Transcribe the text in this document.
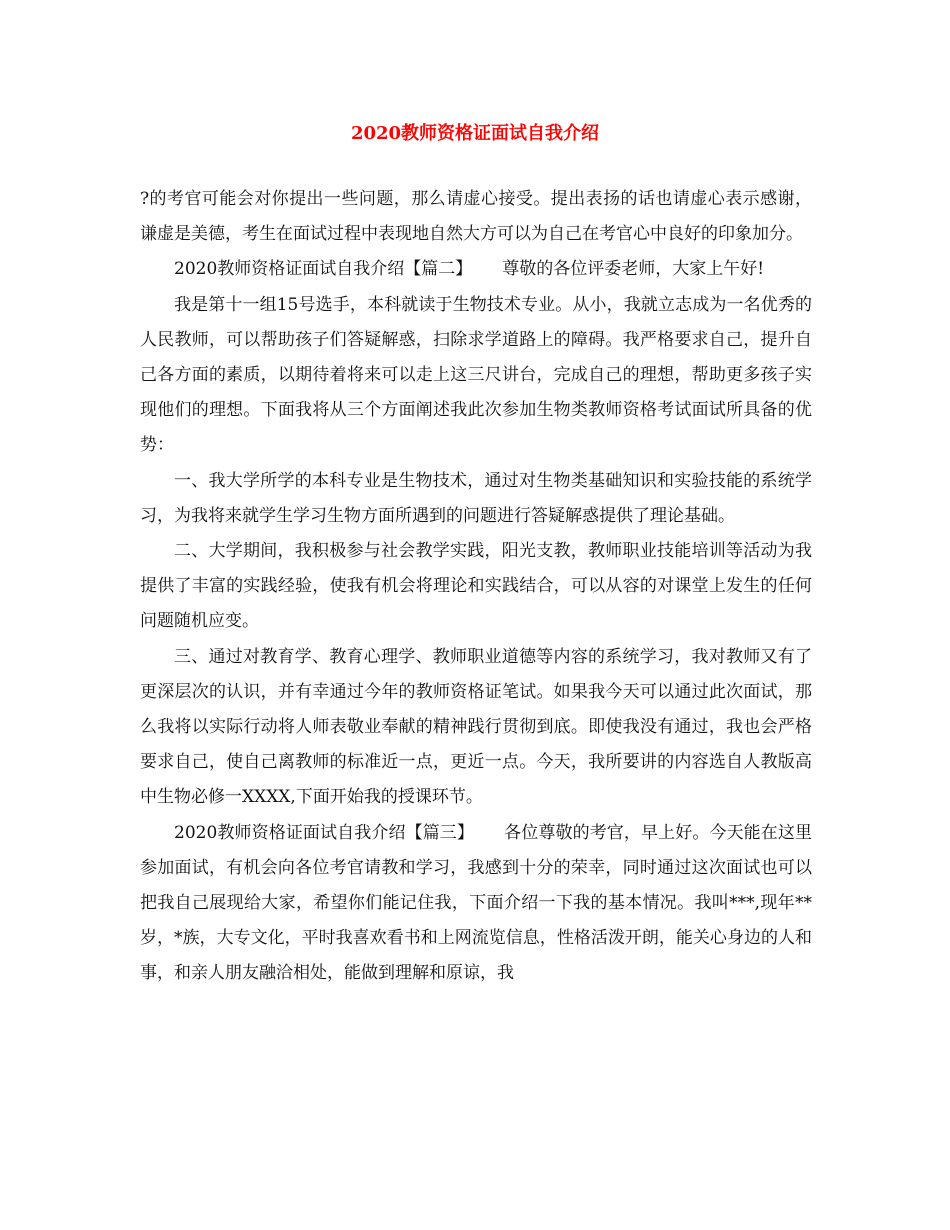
2020教师资格证面试自我介绍

?的考官可能会对你提出一些问题，那么请虚心接受。提出表扬的话也请虚心表示感谢，谦虚是美德，考生在面试过程中表现地自然大方可以为自己在考官心中良好的印象加分。

2020教师资格证面试自我介绍【篇二】 尊敬的各位评委老师，大家上午好!

我是第十一组15号选手，本科就读于生物技术专业。从小，我就立志成为一名优秀的人民教师，可以帮助孩子们答疑解惑，扫除求学道路上的障碍。我严格要求自己，提升自己各方面的素质，以期待着将来可以走上这三尺讲台，完成自己的理想，帮助更多孩子实现他们的理想。下面我将从三个方面阐述我此次参加生物类教师资格考试面试所具备的优势：

一、我大学所学的本科专业是生物技术，通过对生物类基础知识和实验技能的系统学习，为我将来就学生学习生物方面所遇到的问题进行答疑解惑提供了理论基础。

二、大学期间，我积极参与社会教学实践，阳光支教，教师职业技能培训等活动为我提供了丰富的实践经验，使我有机会将理论和实践结合，可以从容的对课堂上发生的任何问题随机应变。

三、通过对教育学、教育心理学、教师职业道德等内容的系统学习，我对教师又有了更深层次的认识，并有幸通过今年的教师资格证笔试。如果我今天可以通过此次面试，那么我将以实际行动将人师表敬业奉献的精神践行贯彻到底。即使我没有通过，我也会严格要求自己，使自己离教师的标准近一点，更近一点。今天，我所要讲的内容选自人教版高中生物必修一XXXX,下面开始我的授课环节。

2020教师资格证面试自我介绍【篇三】 各位尊敬的考官，早上好。今天能在这里参加面试，有机会向各位考官请教和学习，我感到十分的荣幸，同时通过这次面试也可以把我自己展现给大家，希望你们能记住我，下面介绍一下我的基本情况。我叫***,现年**岁，*族，大专文化，平时我喜欢看书和上网流览信息，性格活泼开朗，能关心身边的人和事，和亲人朋友融洽相处，能做到理解和原谅，我
